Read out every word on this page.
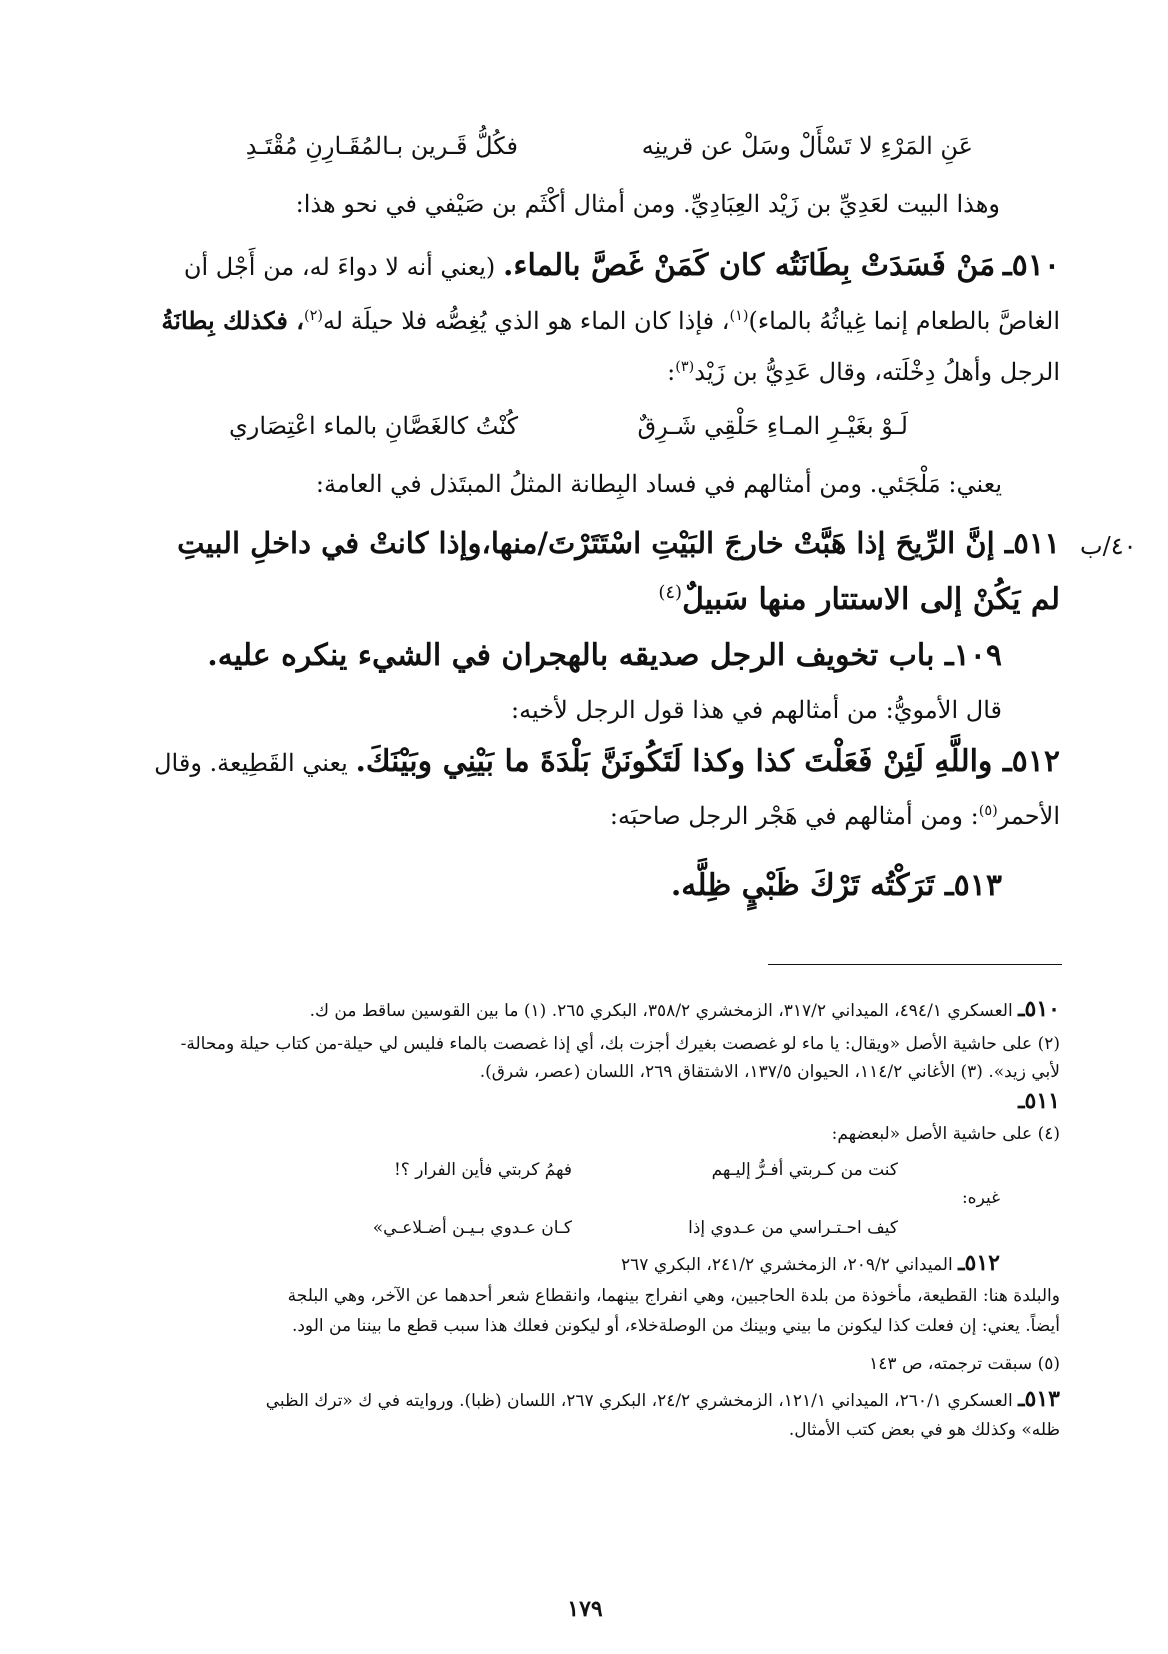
٤٠/ب
عَنِ المَرْءِ لا تَسْأَلْ وسَلْ عن قرينِه
فكُلُّ قَـرين بـالمُقَـارِنِ مُقْتَـدِ
وهذا البيت لعَدِيِّ بن زَيْد العِبَادِيِّ. ومن أمثال أكْثَم بن صَيْفي في نحو هذا:
٥١٠ـ مَنْ فَسَدَتْ بِطَانَتُه كان كَمَنْ غَصَّ بالماء. (يعني أنه لا دواءَ له، من أَجْل أن
الغاصَّ بالطعام إنما غِياثُهُ بالماء)$^{(١)}$، فإذا كان الماء هو الذي يُغِصُّه فلا حيلَة له$^{(٢)}$، فكذلك بِطانَةُ
الرجل وأهلُ دِخْلَته، وقال عَدِيُّ بن زَيْد$^{(٣)}$:
لَـوْ بغَيْـرِ المـاءِ حَلْقِي شَـرِقٌ
كُنْتُ كالغَصَّانِ بالماء اعْتِصَاري
يعني: مَلْجَئي. ومن أمثالهم في فساد البِطانة المثلُ المبتَذل في العامة:
٥١١ـ إنَّ الرِّيحَ إذا هَبَّتْ خارجَ البَيْتِ اسْتَتَرْتَ/منها،وإذا كانتْ في داخلِ البيتِ
لم يَكُنْ إلى الاستتار منها سَبيلٌ$^{(٤)}$
١٠٩ـ باب تخويف الرجل صديقه بالهجران في الشيء ينكره عليه.
قال الأمويُّ: من أمثالهم في هذا قول الرجل لأخيه:
٥١٢ـ واللَّهِ لَئِنْ فَعَلْتَ كذا وكذا لَتَكُونَنَّ بَلْدَةَ ما بَيْنِي وبَيْنَكَ. يعني القَطِيعة. وقال
الأحمر$^{(٥)}$: ومن أمثالهم في هَجْر الرجل صاحبَه:
٥١٣ـ تَرَكْتُه تَرْكَ ظَبْيٍ ظِلَّه.
٥١٠ـ العسكري ٤٩٤/١، الميداني ٣١٧/٢، الزمخشري ٣٥٨/٢، البكري ٢٦٥. (١) ما بين القوسين ساقط من ك.
(٢) على حاشية الأصل «ويقال: يا ماء لو غصصت بغيرك أجزت بك، أي إذا غصصت بالماء فليس لي حيلة-من كتاب حيلة ومحالة-
لأبي زيد». (٣) الأغاني ١١٤/٢، الحيوان ١٣٧/٥، الاشتقاق ٢٦٩، اللسان (عصر، شرق).
٥١١ـ
(٤) على حاشية الأصل «لبعضهم:
كنت من كـربتي أفـرُّ إليـهم
فهمُ كربتي فأين الفرار ؟!
غيره:
كيف احـتـراسي من عـدوي إذا
كـان عـدوي بـيـن أضـلاعـي»
٥١٢ـ الميداني ٢٠٩/٢، الزمخشري ٢٤١/٢، البكري ٢٦٧
والبلدة هنا: القطيعة، مأخوذة من بلدة الحاجبين، وهي انفراج بينهما، وانقطاع شعر أحدهما عن الآخر، وهي البلجة
أيضاً. يعني: إن فعلت كذا ليكونن ما بيني وبينك من الوصلةخلاء، أو ليكونن فعلك هذا سبب قطع ما بيننا من الود.
(٥) سبقت ترجمته، ص ١٤٣
٥١٣ـ العسكري ٢٦٠/١، الميداني ١٢١/١، الزمخشري ٢٤/٢، البكري ٢٦٧، اللسان (ظبا). وروايته في ك «ترك الظبي
ظله» وكذلك هو في بعض كتب الأمثال.
١٧٩
